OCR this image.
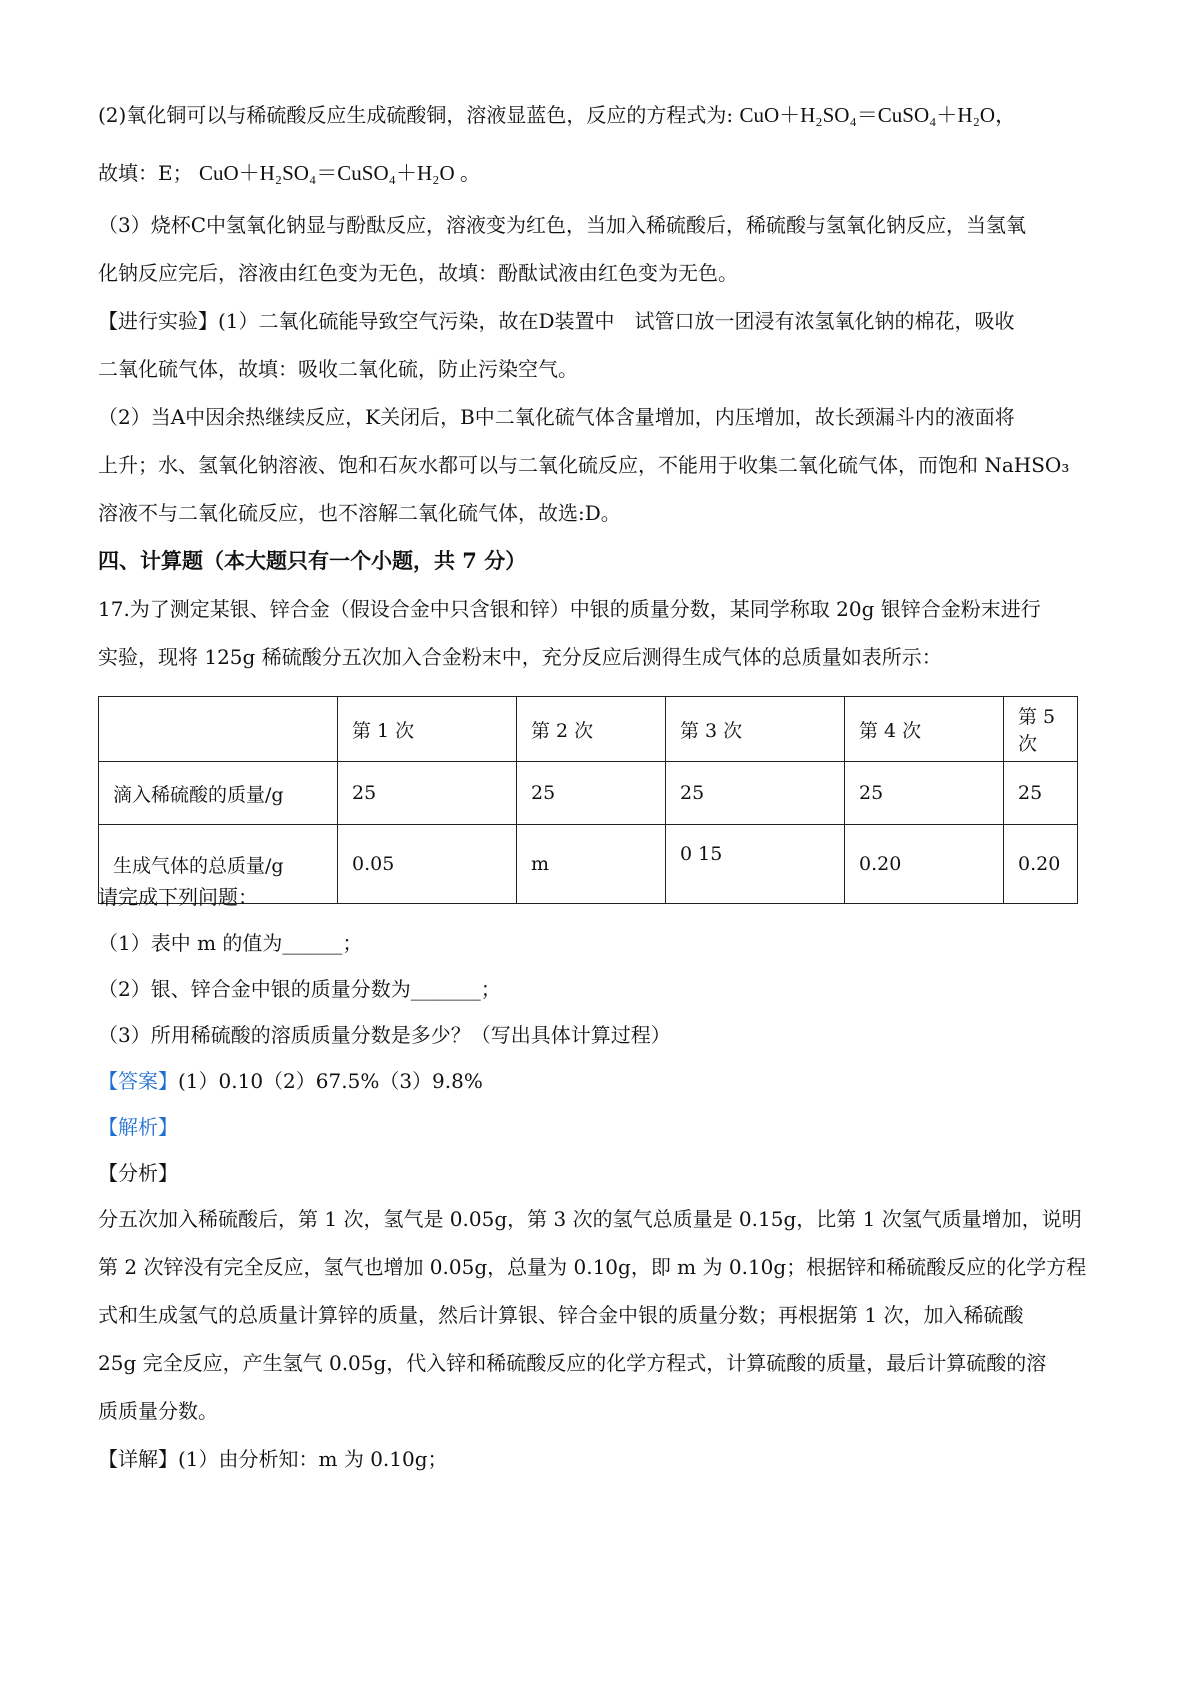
(2)氧化铜可以与稀硫酸反应生成硫酸铜，溶液显蓝色，反应的方程式为: CuO＋H₂SO₄＝CuSO₄＋H₂O，
故填：E； CuO＋H₂SO₄＝CuSO₄＋H₂O 。
（3）烧杯C中氢氧化钠显与酚酞反应，溶液变为红色，当加入稀硫酸后，稀硫酸与氢氧化钠反应，当氢氧
化钠反应完后，溶液由红色变为无色，故填：酚酞试液由红色变为无色。
【进行实验】(1）二氧化硫能导致空气污染，故在D装置中　试管口放一团浸有浓氢氧化钠的棉花，吸收
二氧化硫气体，故填：吸收二氧化硫，防止污染空气。
（2）当A中因余热继续反应，K关闭后，B中二氧化硫气体含量增加，内压增加，故长颈漏斗内的液面将
上升；水、氢氧化钠溶液、饱和石灰水都可以与二氧化硫反应，不能用于收集二氧化硫气体，而饱和 NaHSO₃
溶液不与二氧化硫反应，也不溶解二氧化硫气体，故选:D。
四、计算题（本大题只有一个小题，共 7 分）
17.为了测定某银、锌合金（假设合金中只含银和锌）中银的质量分数，某同学称取 20g 银锌合金粉末进行
实验，现将 125g 稀硫酸分五次加入合金粉末中，充分反应后测得生成气体的总质量如表所示：
	第 1 次	第 2 次	第 3 次	第 4 次	第 5 次
滴入稀硫酸的质量/g	25	25	25	25	25
生成气体的总质量/g	0.05	m	0 15	0.20	0.20
请完成下列问题：
（1）表中 m 的值为______；
（2）银、锌合金中银的质量分数为_______；
（3）所用稀硫酸的溶质质量分数是多少？（写出具体计算过程）
【答案】(1）0.10（2）67.5%（3）9.8%
【解析】
【分析】
分五次加入稀硫酸后，第 1 次，氢气是 0.05g，第 3 次的氢气总质量是 0.15g，比第 1 次氢气质量增加，说明
第 2 次锌没有完全反应，氢气也增加 0.05g，总量为 0.10g，即 m 为 0.10g；根据锌和稀硫酸反应的化学方程
式和生成氢气的总质量计算锌的质量，然后计算银、锌合金中银的质量分数；再根据第 1 次，加入稀硫酸
25g 完全反应，产生氢气 0.05g，代入锌和稀硫酸反应的化学方程式，计算硫酸的质量，最后计算硫酸的溶
质质量分数。
【详解】(1）由分析知：m 为 0.10g；
